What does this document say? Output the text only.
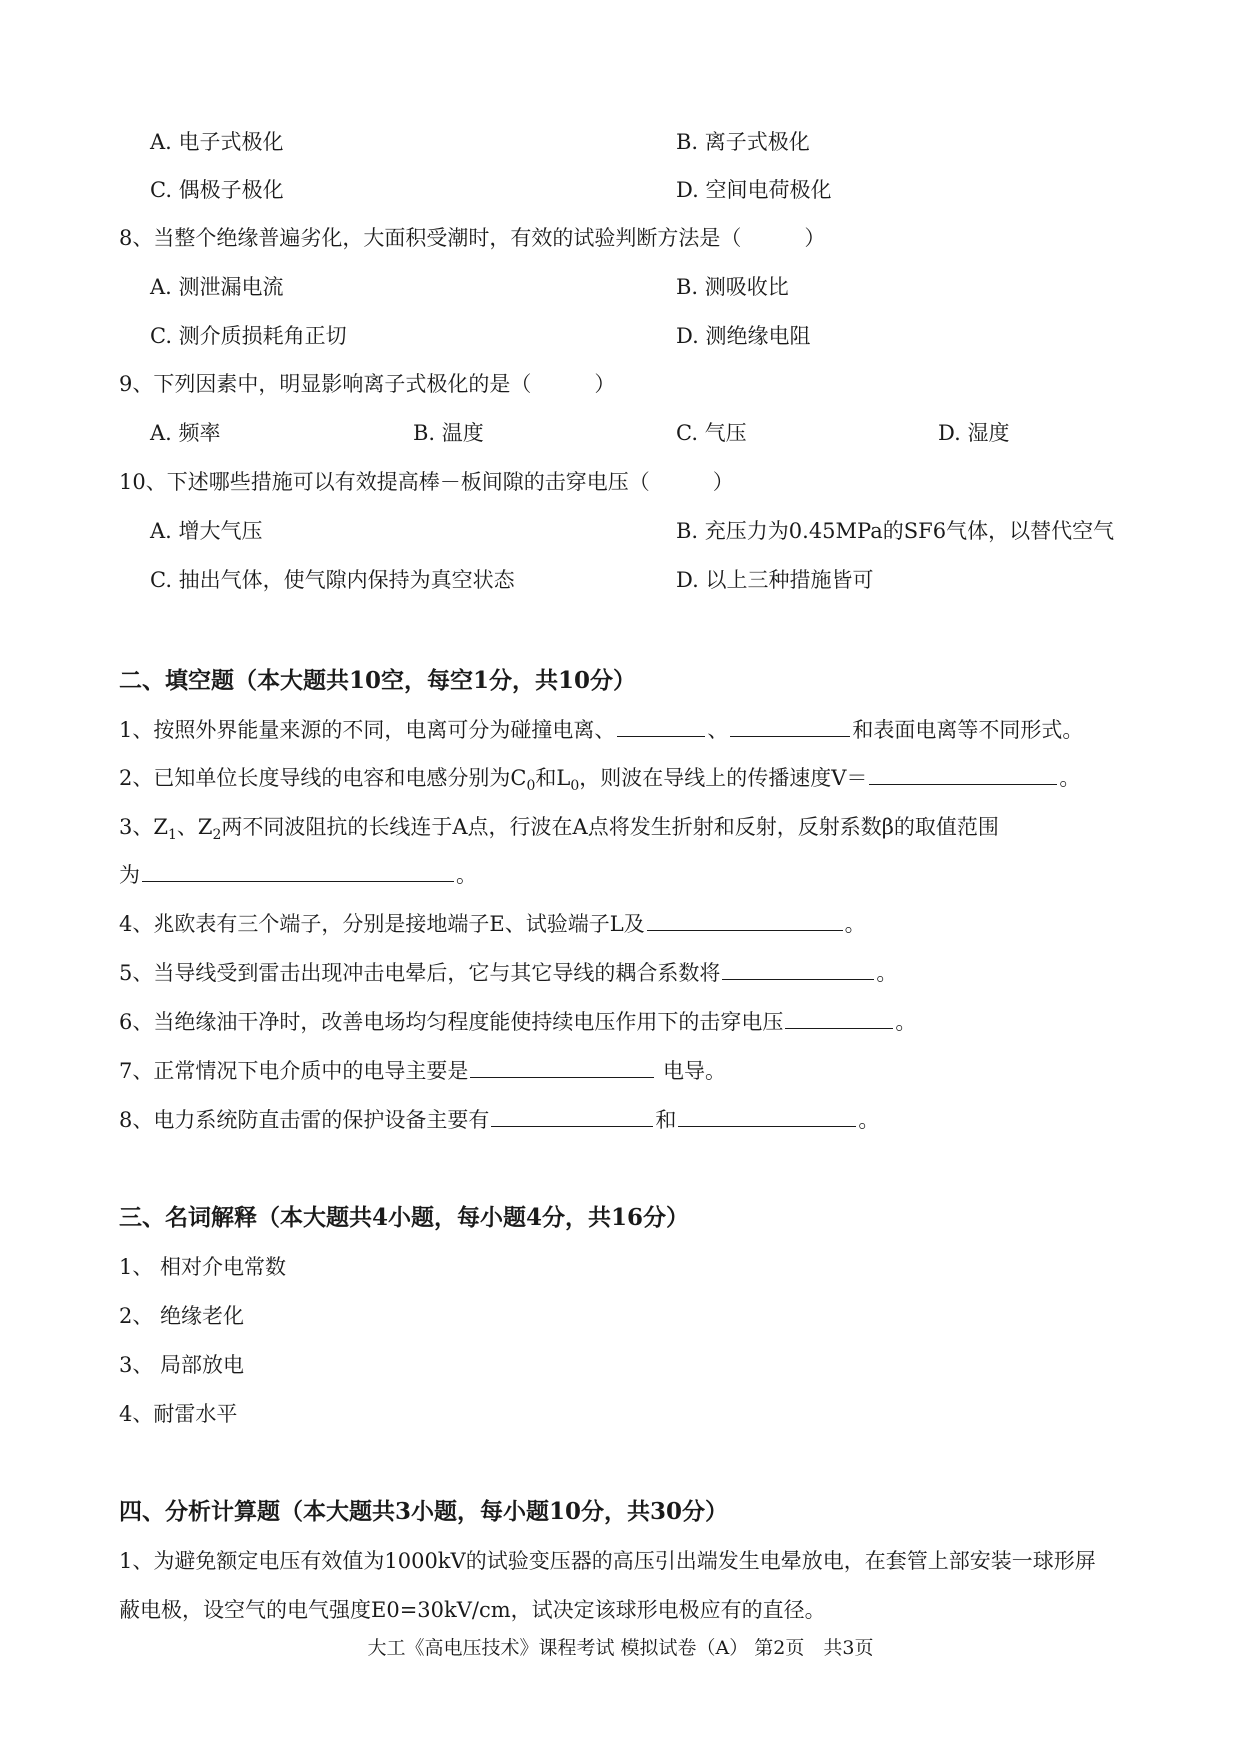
A. 电子式极化	B. 离子式极化
C. 偶极子极化	D. 空间电荷极化
8、当整个绝缘普遍劣化，大面积受潮时，有效的试验判断方法是（　　　）
A. 测泄漏电流	B. 测吸收比
C. 测介质损耗角正切	D. 测绝缘电阻
9、下列因素中，明显影响离子式极化的是（　　　）
A. 频率	B. 温度	C. 气压	D. 湿度
10、下述哪些措施可以有效提高棒－板间隙的击穿电压（　　　）
A. 增大气压	B. 充压力为0.45MPa的SF6气体，以替代空气
C. 抽出气体，使气隙内保持为真空状态	D. 以上三种措施皆可
二、填空题（本大题共10空，每空1分，共10分）
1、按照外界能量来源的不同，电离可分为碰撞电离、	、	和表面电离等不同形式。
2、已知单位长度导线的电容和电感分别为$C_0$和$L_0$，则波在导线上的传播速度V＝	。
3、$Z_1$、$Z_2$两不同波阻抗的长线连于A点，行波在A点将发生折射和反射，反射系数β的取值范围
为	。
4、兆欧表有三个端子，分别是接地端子E、试验端子L及	。
5、当导线受到雷击出现冲击电晕后，它与其它导线的耦合系数将	。
6、当绝缘油干净时，改善电场均匀程度能使持续电压作用下的击穿电压	。
7、正常情况下电介质中的电导主要是	电导。
8、电力系统防直击雷的保护设备主要有	和	。
三、名词解释（本大题共4小题，每小题4分，共16分）
1、 相对介电常数
2、 绝缘老化
3、 局部放电
4、耐雷水平
四、分析计算题（本大题共3小题，每小题10分，共30分）
1、为避免额定电压有效值为1000kV的试验变压器的高压引出端发生电晕放电，在套管上部安装一球形屏
蔽电极，设空气的电气强度E0=30kV/cm，试决定该球形电极应有的直径。
大工《高电压技术》课程考试 模拟试卷（A） 第2页　共3页
